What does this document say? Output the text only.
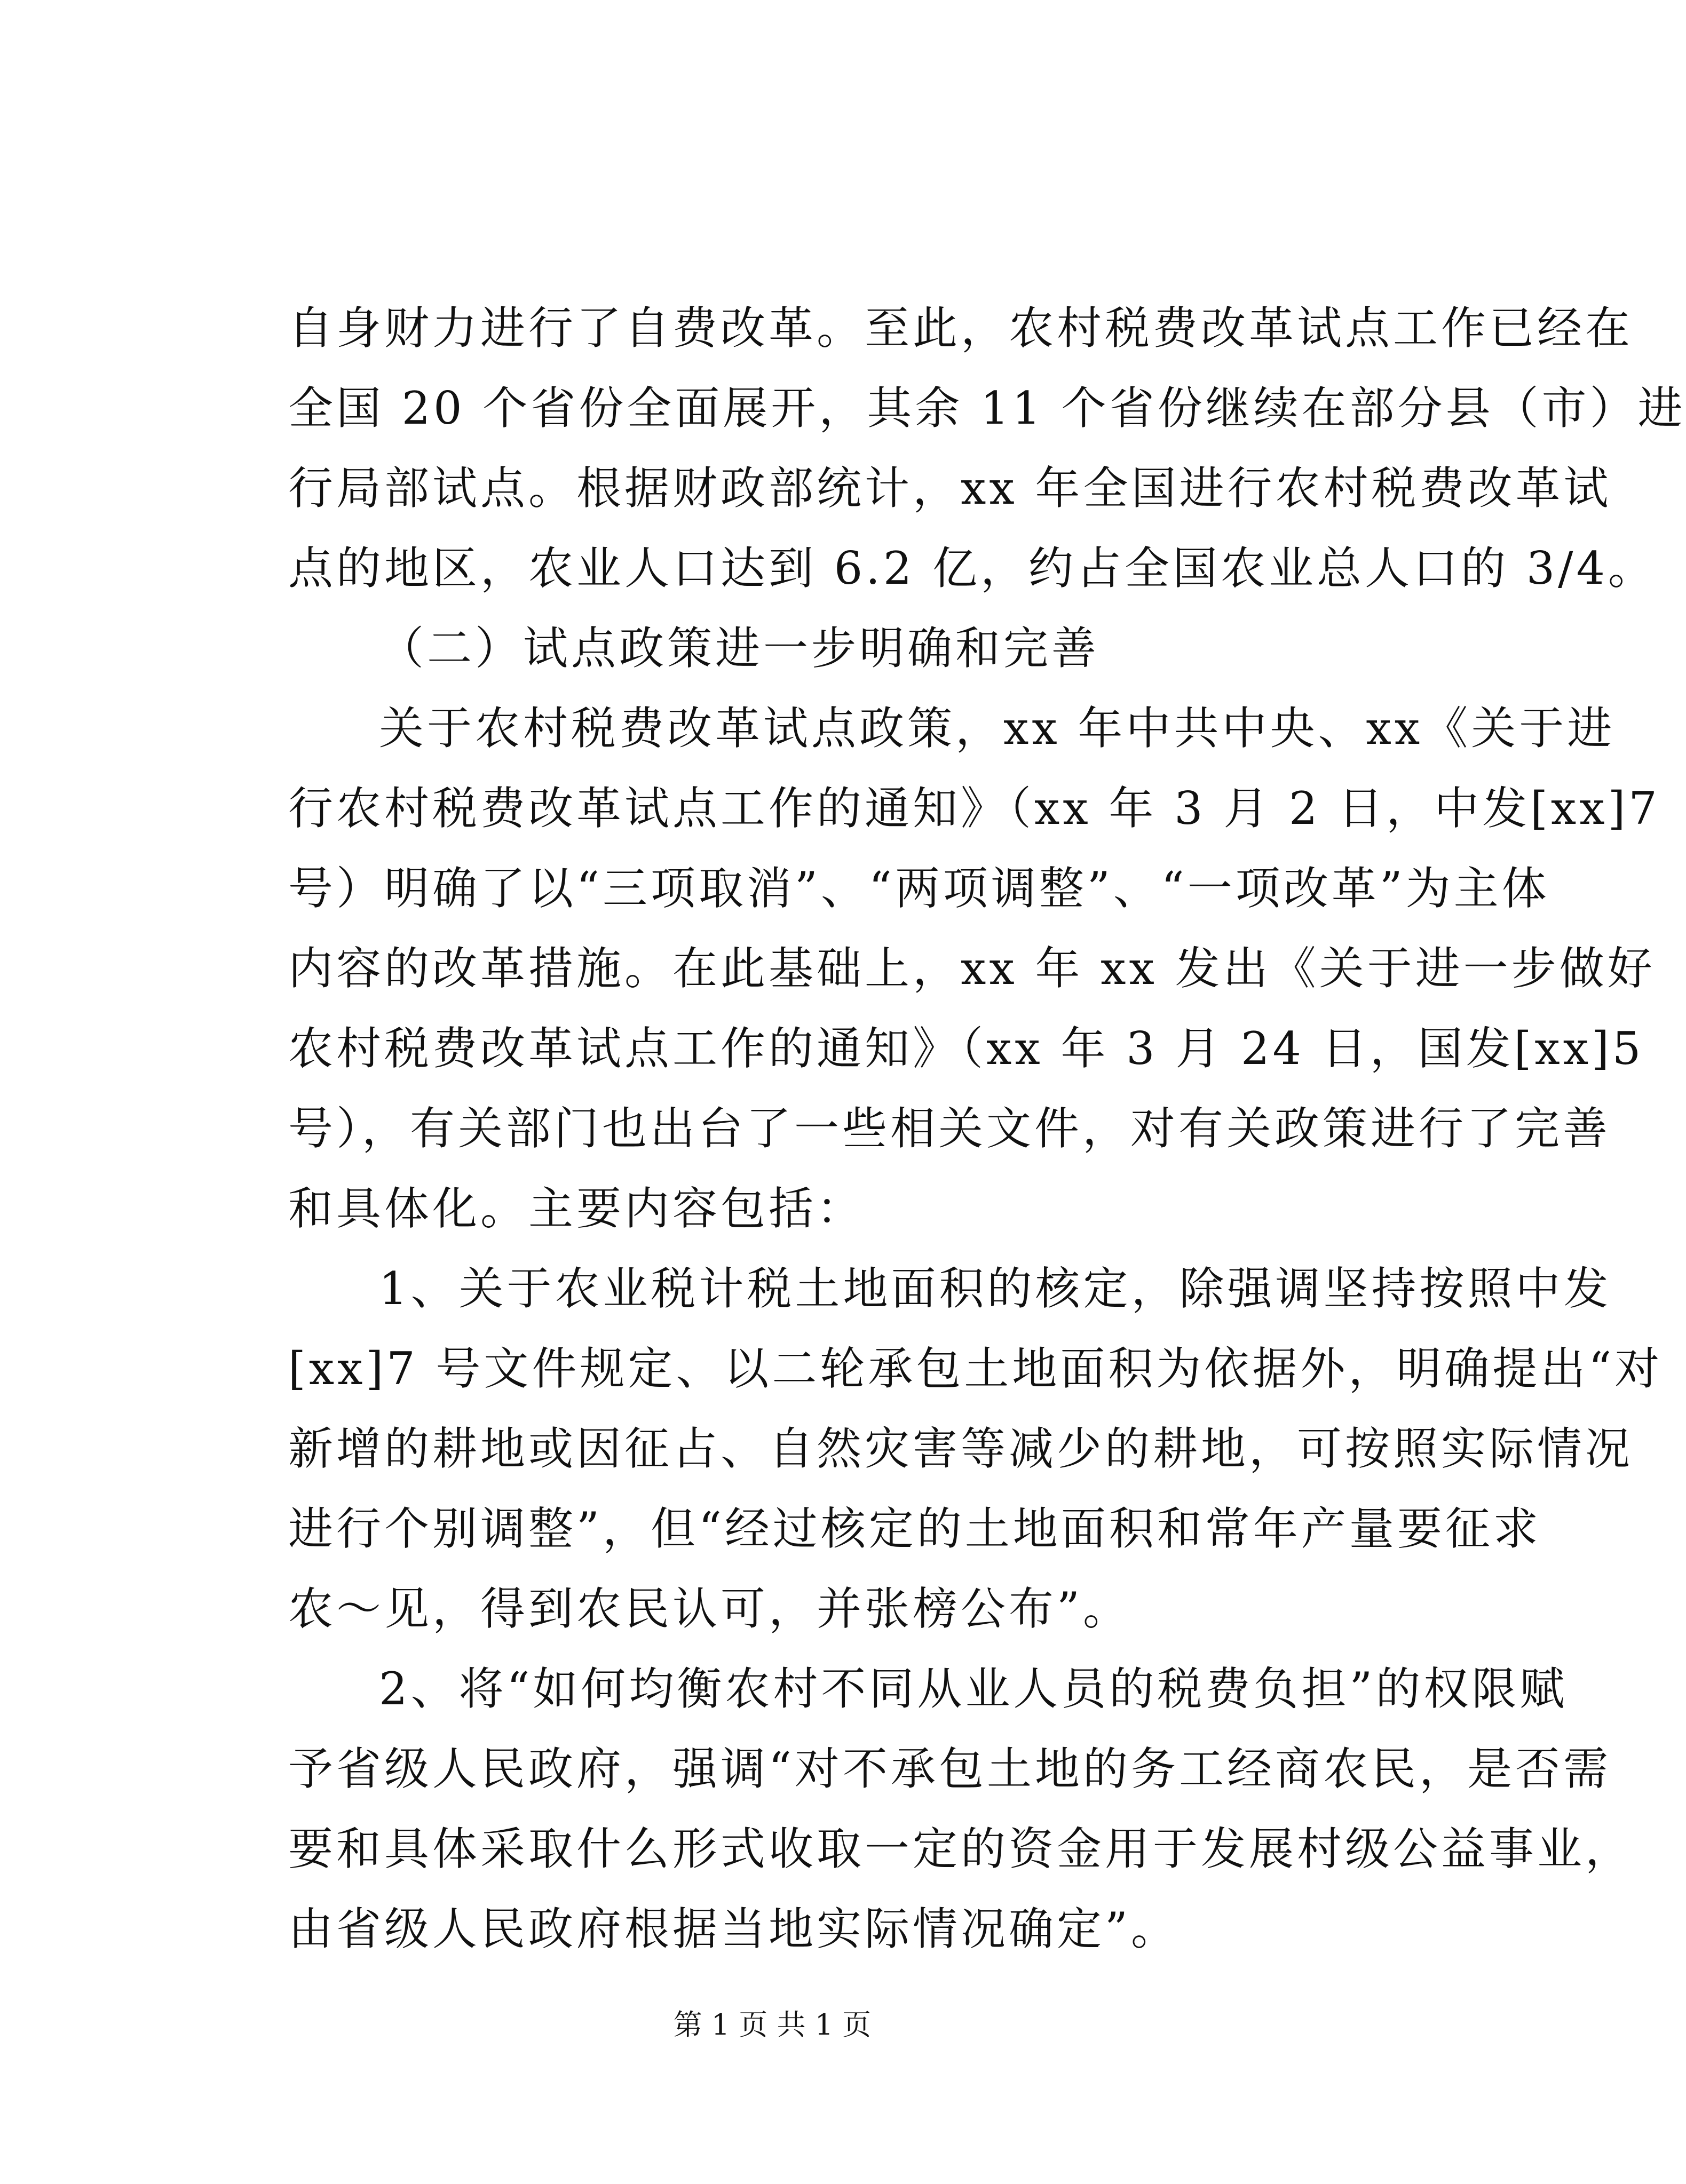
自身财力进行了自费改革。至此，农村税费改革试点工作已经在
全国 20 个省份全面展开，其余 11 个省份继续在部分县（市）进
行局部试点。根据财政部统计，xx 年全国进行农村税费改革试
点的地区，农业人口达到 6.2 亿，约占全国农业总人口的 3/4。
（二）试点政策进一步明确和完善
关于农村税费改革试点政策，xx 年中共中央、xx《关于进
行农村税费改革试点工作的通知》（xx 年 3 月 2 日，中发[xx]7
号）明确了以“三项取消”、“两项调整”、“一项改革”为主体
内容的改革措施。在此基础上，xx 年 xx 发出《关于进一步做好
农村税费改革试点工作的通知》（xx 年 3 月 24 日，国发[xx]5
号），有关部门也出台了一些相关文件，对有关政策进行了完善
和具体化。主要内容包括：
1、关于农业税计税土地面积的核定，除强调坚持按照中发
[xx]7 号文件规定、以二轮承包土地面积为依据外，明确提出“对
新增的耕地或因征占、自然灾害等减少的耕地，可按照实际情况
进行个别调整”，但“经过核定的土地面积和常年产量要征求
农～见，得到农民认可，并张榜公布”。
2、将“如何均衡农村不同从业人员的税费负担”的权限赋
予省级人民政府，强调“对不承包土地的务工经商农民，是否需
要和具体采取什么形式收取一定的资金用于发展村级公益事业，
由省级人民政府根据当地实际情况确定”。
第 1 页 共 1 页
